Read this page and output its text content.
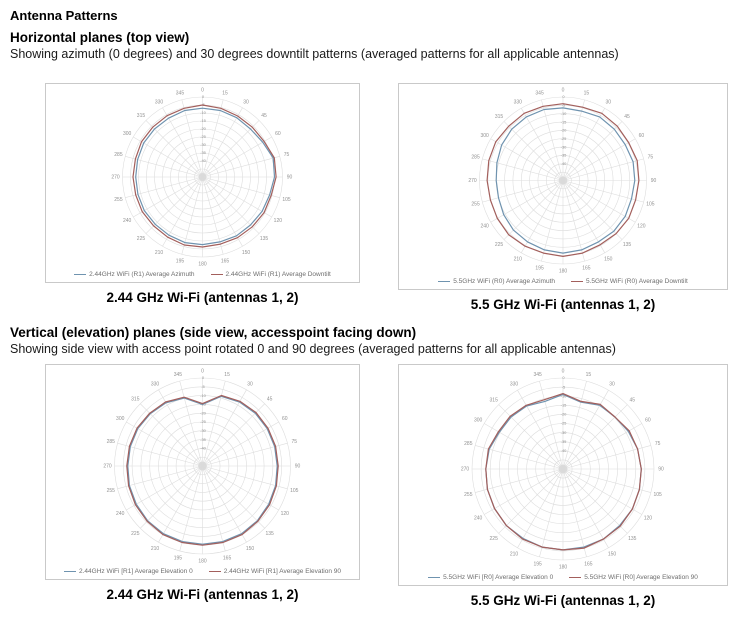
Antenna Patterns
Horizontal planes (top view)

Showing azimuth (0 degrees) and 30 degrees downtilt patterns (averaged patterns for all applicable antennas)

0	15
30
45
60
75
90
105
120
135
150
165
180
195
210
225
240
255
270
285
300
315
330
345
0
-5
-10
-15
-20
-25
-30
-35
-40
2.44GHz WiFi (R1) Average Azimuth	2.44GHz WiFi (R1) Average Downtilt
2.44 GHz Wi-Fi (antennas 1, 2)
0
15
30
45
60
75
90
105
120
135
150
165
180
195
210
225
240
255
270
285
300
315
330
345
0
-5
-10
-15
-20
-25
-30
-35
-40
5.5GHz WiFi (R0) Average Azimuth	5.5GHz WiFi (R0) Average Downtilt
5.5 GHz Wi-Fi (antennas 1, 2)
Vertical (elevation) planes (side view, accesspoint facing down)

Showing side view with access point rotated 0 and 90 degrees (averaged patterns for all applicable antennas)

0
15
30
45
60
75
90
105
120
135
150
165
180
195
210
225
240
255
270
285
300
315
330
345	0
-5
-10
-15
-20
-25
-30
-35
-40
2.44GHz WiFi [R1] Average Elevation 0	2.44GHz WiFi [R1] Average Elevation 90
2.44 GHz Wi-Fi (antennas 1, 2)
0
15
30
45
60
75
90
105
120
135
150
165
180
195
210
225
240
255
270
285
300
315
330
345	0
-5
-10
-15
-20
-25
-30
-35
-40
5.5GHz WiFi [R0] Average Elevation 0	5.5GHz WiFi [R0] Average Elevation 90
5.5 GHz Wi-Fi (antennas 1, 2)
